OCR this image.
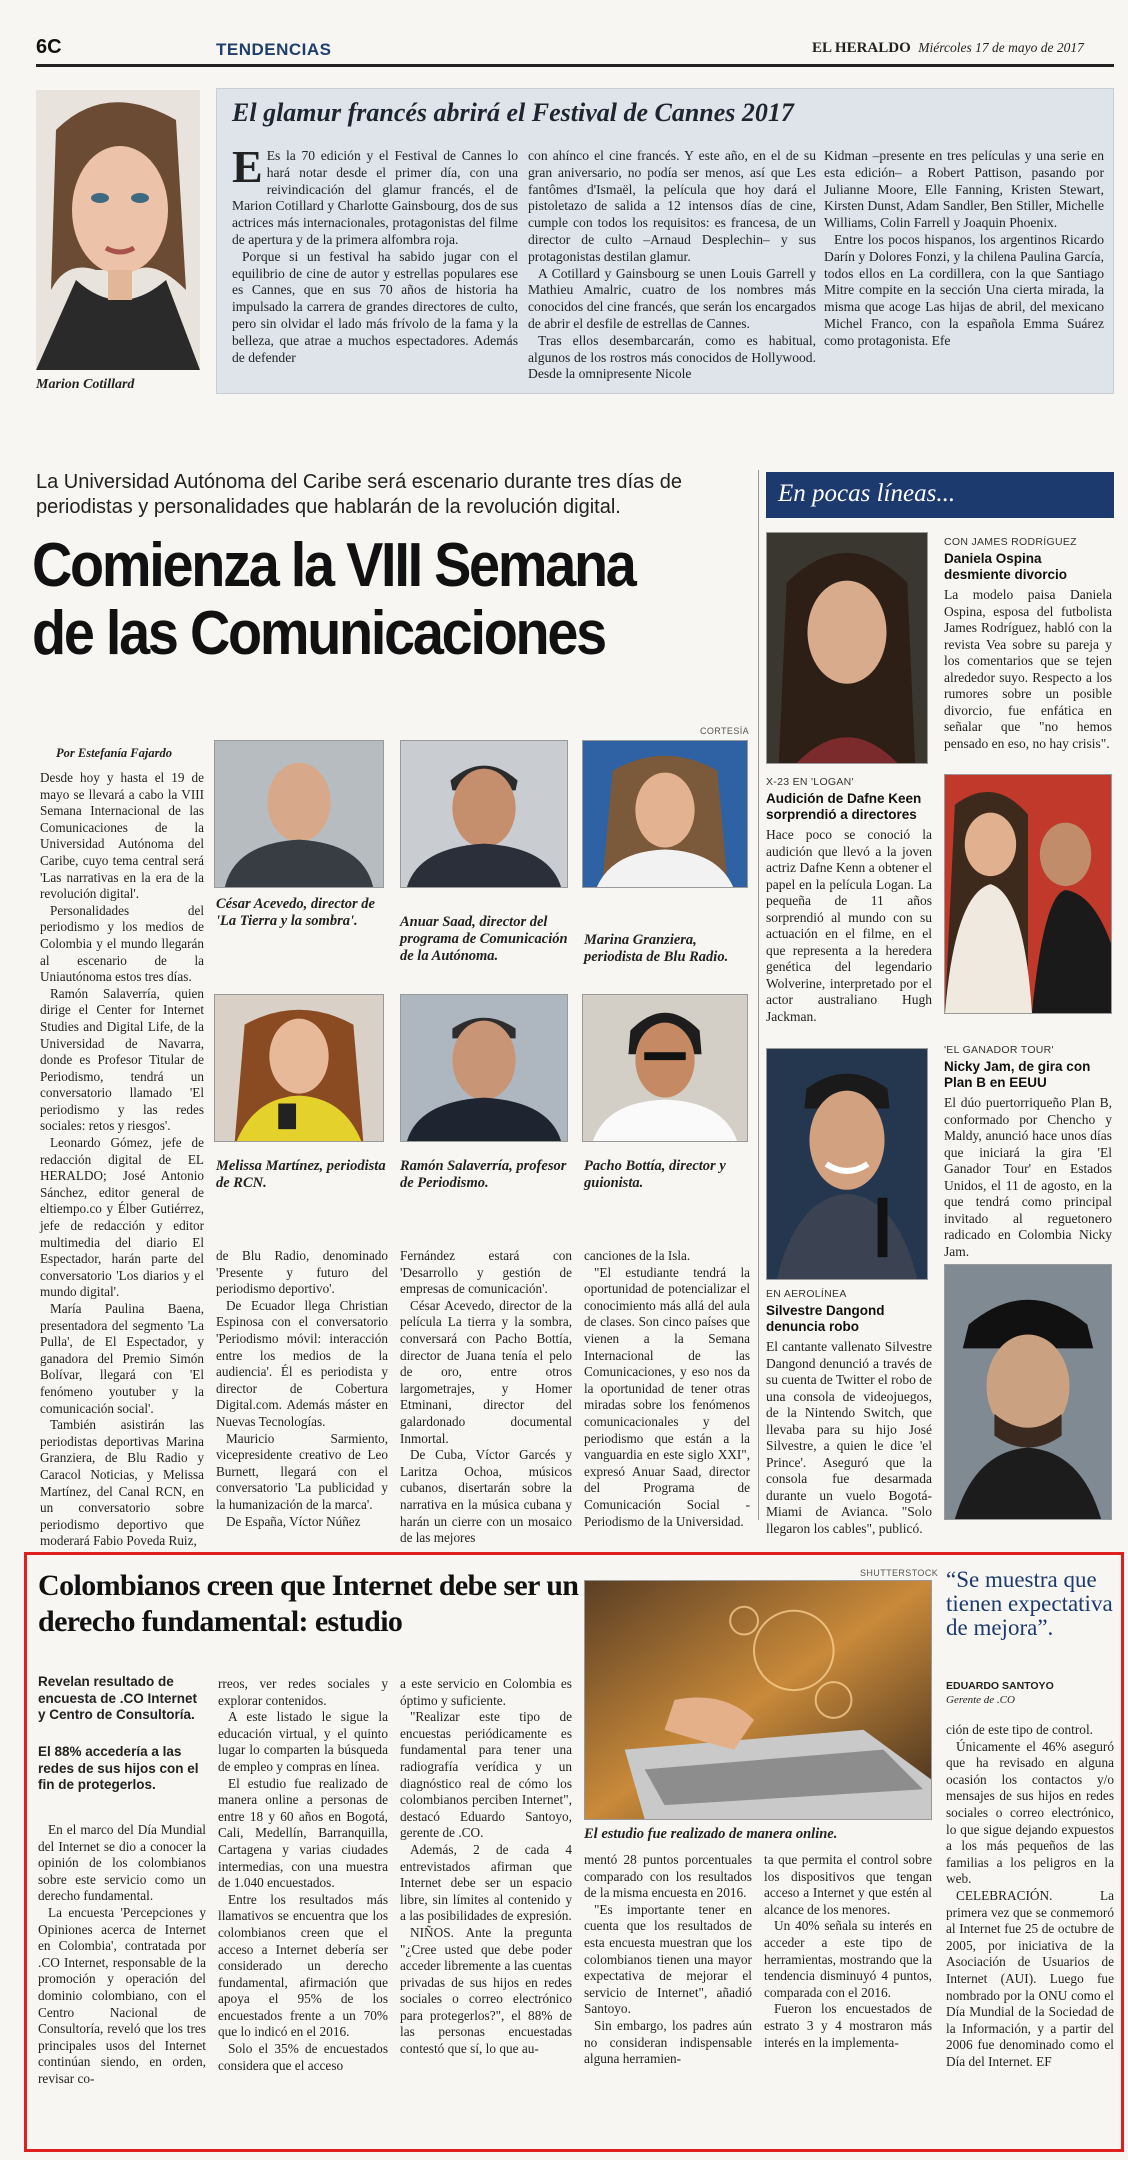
6C	TENDENCIAS	EL HERALDO Miércoles 17 de mayo de 2017
Marion Cotillard
El glamur francés abrirá el Festival de Cannes 2017

E Es la 70 edición y el Festival de Cannes lo hará notar desde el primer día, con una reivindicación del glamur francés, el de Marion Cotillard y Charlotte Gainsbourg, dos de sus actrices más internacionales, protagonistas del filme de apertura y de la primera alfombra roja.

Porque si un festival ha sabido jugar con el equilibrio de cine de autor y estrellas populares ese es Cannes, que en sus 70 años de historia ha impulsado la carrera de grandes directores de culto, pero sin olvidar el lado más frívolo de la fama y la belleza, que atrae a muchos espectadores. Además de defender

con ahínco el cine francés. Y este año, en el de su gran aniversario, no podía ser menos, así que Les fantômes d'Ismaël, la película que hoy dará el pistoletazo de salida a 12 intensos días de cine, cumple con todos los requisitos: es francesa, de un director de culto –Arnaud Desplechin– y sus protagonistas destilan glamur.

A Cotillard y Gainsbourg se unen Louis Garrell y Mathieu Amalric, cuatro de los nombres más conocidos del cine francés, que serán los encargados de abrir el desfile de estrellas de Cannes.

Tras ellos desembarcarán, como es habitual, algunos de los rostros más conocidos de Hollywood. Desde la omnipresente Nicole

Kidman –presente en tres películas y una serie en esta edición– a Robert Pattison, pasando por Julianne Moore, Elle Fanning, Kristen Stewart, Kirsten Dunst, Adam Sandler, Ben Stiller, Michelle Williams, Colin Farrell y Joaquin Phoenix.

Entre los pocos hispanos, los argentinos Ricardo Darín y Dolores Fonzi, y la chilena Paulina García, todos ellos en La cordillera, con la que Santiago Mitre compite en la sección Una cierta mirada, la misma que acoge Las hijas de abril, del mexicano Michel Franco, con la española Emma Suárez como protagonista. Efe

La Universidad Autónoma del Caribe será escenario durante tres días de periodistas y personalidades que hablarán de la revolución digital.
Comienza la VIII Semana
de las Comunicaciones
CORTESÍA
Por Estefanía Fajardo
César Acevedo, director de 'La Tierra y la sombra'.	Anuar Saad, director del programa de Comunicación de la Autónoma.
Marina Granziera, periodista de Blu Radio.
Melissa Martínez, periodista de RCN.
Ramón Salaverría, profesor de Periodismo.
Pacho Bottía, director y guionista.

Desde hoy y hasta el 19 de mayo se llevará a cabo la VIII Semana Internacional de las Comunicaciones de la Universidad Autónoma del Caribe, cuyo tema central será 'Las narrativas en la era de la revolución digital'.

Personalidades del periodismo y los medios de Colombia y el mundo llegarán al escenario de la Uniautónoma estos tres días.

Ramón Salaverría, quien dirige el Center for Internet Studies and Digital Life, de la Universidad de Navarra, donde es Profesor Titular de Periodismo, tendrá un conversatorio llamado 'El periodismo y las redes sociales: retos y riesgos'.

Leonardo Gómez, jefe de redacción digital de EL HERALDO; José Antonio Sánchez, editor general de eltiempo.co y Élber Gutiérrez, jefe de redacción y editor multimedia del diario El Espectador, harán parte del conversatorio 'Los diarios y el mundo digital'.

María Paulina Baena, presentadora del segmento 'La Pulla', de El Espectador, y ganadora del Premio Simón Bolívar, llegará con 'El fenómeno youtuber y la comunicación social'.

También asistirán las periodistas deportivas Marina Granziera, de Blu Radio y Caracol Noticias, y Melissa Martínez, del Canal RCN, en un conversatorio sobre periodismo deportivo que moderará Fabio Poveda Ruiz,

de Blu Radio, denominado 'Presente y futuro del periodismo deportivo'.

De Ecuador llega Christian Espinosa con el conversatorio 'Periodismo móvil: interacción entre los medios de la audiencia'. Él es periodista y director de Cobertura Digital.com. Además máster en Nuevas Tecnologías.

Mauricio Sarmiento, vicepresidente creativo de Leo Burnett, llegará con el conversatorio 'La publicidad y la humanización de la marca'.

De España, Víctor Núñez

Fernández estará con 'Desarrollo y gestión de empresas de comunicación'.

César Acevedo, director de la película La tierra y la sombra, conversará con Pacho Bottía, director de Juana tenía el pelo de oro, entre otros largometrajes, y Homer Etminani, director del galardonado documental Inmortal.

De Cuba, Víctor Garcés y Laritza Ochoa, músicos cubanos, disertarán sobre la narrativa en la música cubana y harán un cierre con un mosaico de las mejores

canciones de la Isla.

"El estudiante tendrá la oportunidad de potencializar el conocimiento más allá del aula de clases. Son cinco países que vienen a la Semana Internacional de las Comunicaciones, y eso nos da la oportunidad de tener otras miradas sobre los fenómenos comunicacionales y del periodismo que están a la vanguardia en este siglo XXI", expresó Anuar Saad, director del Programa de Comunicación Social - Periodismo de la Universidad.

En pocas líneas...
CON JAMES RODRÍGUEZ
Daniela Ospina desmiente divorcio
La modelo paisa Daniela Ospina, esposa del futbolista James Rodríguez, habló con la revista Vea sobre su pareja y los comentarios que se tejen alrededor suyo. Respecto a los rumores sobre un posible divorcio, fue enfática en señalar que "no hemos pensado en eso, no hay crisis".
X-23 EN 'LOGAN'
Audición de Dafne Keen sorprendió a directores
Hace poco se conoció la audición que llevó a la joven actriz Dafne Kenn a obtener el papel en la película Logan. La pequeña de 11 años sorprendió al mundo con su actuación en el filme, en el que representa a la heredera genética del legendario Wolverine, interpretado por el actor australiano Hugh Jackman.
'EL GANADOR TOUR'
Nicky Jam, de gira con Plan B en EEUU
El dúo puertorriqueño Plan B, conformado por Chencho y Maldy, anunció hace unos días que iniciará la gira 'El Ganador Tour' en Estados Unidos, el 11 de agosto, en la que tendrá como principal invitado al reguetonero radicado en Colombia Nicky Jam.
EN AEROLÍNEA
Silvestre Dangond denuncia robo
El cantante vallenato Silvestre Dangond denunció a través de su cuenta de Twitter el robo de una consola de videojuegos, de la Nintendo Switch, que llevaba para su hijo José Silvestre, a quien le dice 'el Prince'. Aseguró que la consola fue desarmada durante un vuelo Bogotá-Miami de Avianca. "Solo llegaron los cables", publicó.
Colombianos creen que Internet debe ser un derecho fundamental: estudio
SHUTTERSTOCK
El estudio fue realizado de manera online.
“Se muestra que tienen expectativa de mejora”.
EDUARDO SANTOYO
Gerente de .CO
Revelan resultado de encuesta de .CO Internet y Centro de Consultoría.
El 88% accedería a las redes de sus hijos con el fin de protegerlos.

En el marco del Día Mundial del Internet se dio a conocer la opinión de los colombianos sobre este servicio como un derecho fundamental.

La encuesta 'Percepciones y Opiniones acerca de Internet en Colombia', contratada por .CO Internet, responsable de la promoción y operación del dominio colombiano, con el Centro Nacional de Consultoría, reveló que los tres principales usos del Internet continúan siendo, en orden, revisar co-

rreos, ver redes sociales y explorar contenidos.

A este listado le sigue la educación virtual, y el quinto lugar lo comparten la búsqueda de empleo y compras en línea.

El estudio fue realizado de manera online a personas de entre 18 y 60 años en Bogotá, Cali, Medellín, Barranquilla, Cartagena y varias ciudades intermedias, con una muestra de 1.040 encuestados.

Entre los resultados más llamativos se encuentra que los colombianos creen que el acceso a Internet debería ser considerado un derecho fundamental, afirmación que apoya el 95% de los encuestados frente a un 70% que lo indicó en el 2016.

Solo el 35% de encuestados considera que el acceso

a este servicio en Colombia es óptimo y suficiente.

"Realizar este tipo de encuestas periódicamente es fundamental para tener una radiografía verídica y un diagnóstico real de cómo los colombianos perciben Internet", destacó Eduardo Santoyo, gerente de .CO.

Además, 2 de cada 4 entrevistados afirman que Internet debe ser un espacio libre, sin límites al contenido y a las posibilidades de expresión.

NIÑOS. Ante la pregunta "¿Cree usted que debe poder acceder libremente a las cuentas privadas de sus hijos en redes sociales o correo electrónico para protegerlos?", el 88% de las personas encuestadas contestó que sí, lo que au-

mentó 28 puntos porcentuales comparado con los resultados de la misma encuesta en 2016.

"Es importante tener en cuenta que los resultados de esta encuesta muestran que los colombianos tienen una mayor expectativa de mejorar el servicio de Internet", añadió Santoyo.

Sin embargo, los padres aún no consideran indispensable alguna herramien-

ta que permita el control sobre los dispositivos que tengan acceso a Internet y que estén al alcance de los menores.

Un 40% señala su interés en acceder a este tipo de herramientas, mostrando que la tendencia disminuyó 4 puntos, comparada con el 2016.

Fueron los encuestados de estrato 3 y 4 mostraron más interés en la implementa-

ción de este tipo de control.

Únicamente el 46% aseguró que ha revisado en alguna ocasión los contactos y/o mensajes de sus hijos en redes sociales o correo electrónico, lo que sigue dejando expuestos a los más pequeños de las familias a los peligros en la web.

CELEBRACIÓN. La primera vez que se conmemoró al Internet fue 25 de octubre de 2005, por iniciativa de la Asociación de Usuarios de Internet (AUI). Luego fue nombrado por la ONU como el Día Mundial de la Sociedad de la Información, y a partir del 2006 fue denominado como el Día del Internet. EF
